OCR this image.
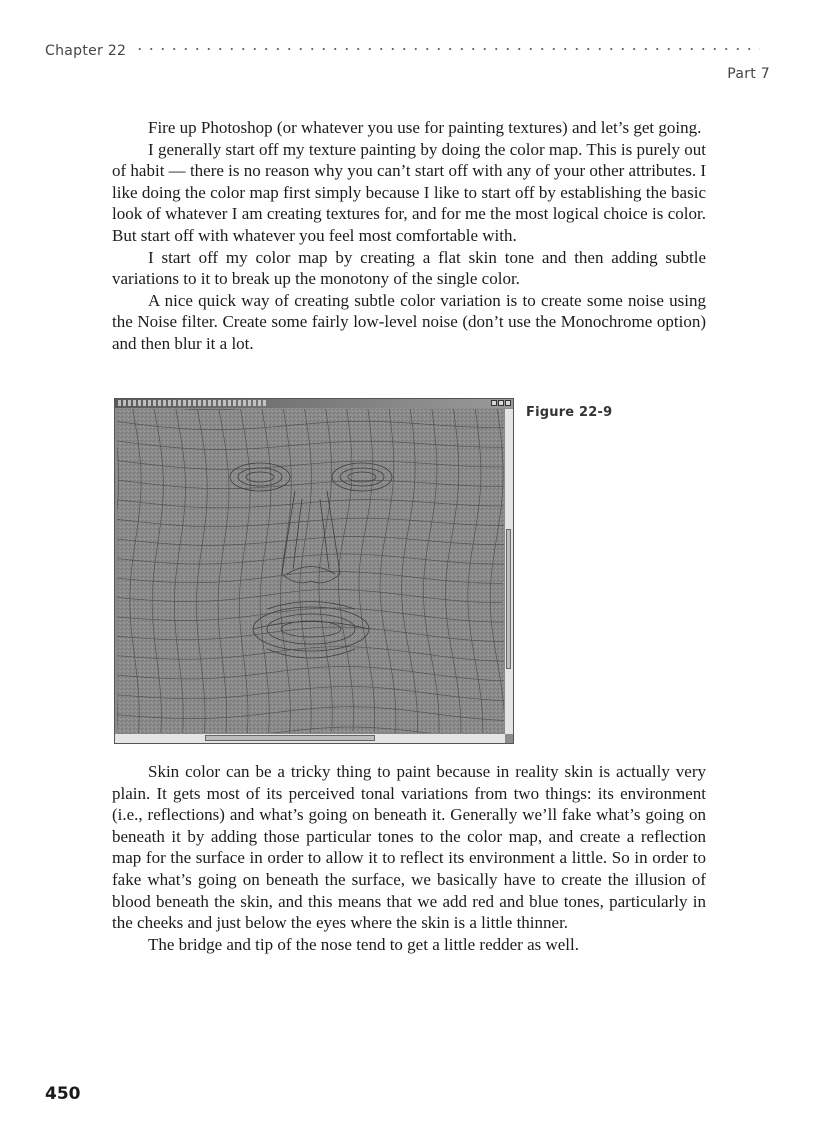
Chapter 22
Part 7

Fire up Photoshop (or whatever you use for painting textures) and let’s get going.

I generally start off my texture painting by doing the color map. This is purely out of habit — there is no reason why you can’t start off with any of your other attributes. I like doing the color map first simply because I like to start off by establishing the basic look of whatever I am creating textures for, and for me the most logical choice is color. But start off with whatever you feel most comfortable with.

I start off my color map by creating a flat skin tone and then adding subtle variations to it to break up the monotony of the single color.

A nice quick way of creating subtle color variation is to create some noise using the Noise filter. Create some fairly low-level noise (don’t use the Monochrome option) and then blur it a lot.

Figure 22-9

Skin color can be a tricky thing to paint because in reality skin is actually very plain. It gets most of its perceived tonal variations from two things: its environment (i.e., reflections) and what’s going on beneath it. Generally we’ll fake what’s going on beneath it by adding those particular tones to the color map, and create a reflection map for the surface in order to allow it to reflect its environment a little. So in order to fake what’s going on beneath the surface, we basically have to create the illusion of blood beneath the skin, and this means that we add red and blue tones, particularly in the cheeks and just below the eyes where the skin is a little thinner.

The bridge and tip of the nose tend to get a little redder as well.

450
